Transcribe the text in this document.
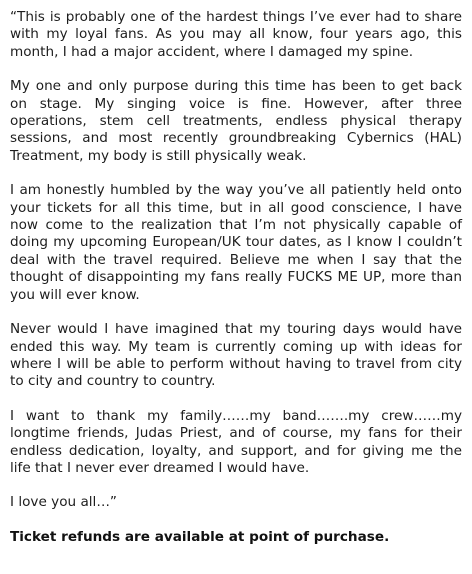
“This is probably one of the hardest things I’ve ever had to share with my loyal fans. As you may all know, four years ago, this month, I had a major accident, where I damaged my spine.

My one and only purpose during this time has been to get back on stage. My singing voice is fine. However, after three operations, stem cell treatments, endless physical therapy sessions, and most recently groundbreaking Cybernics (HAL) Treatment, my body is still physically weak.

I am honestly humbled by the way you’ve all patiently held onto your tickets for all this time, but in all good conscience, I have now come to the realization that I’m not physically capable of doing my upcoming European/UK tour dates, as I know I couldn’t deal with the travel required. Believe me when I say that the thought of disappointing my fans really FUCKS ME UP, more than you will ever know.

Never would I have imagined that my touring days would have ended this way. My team is currently coming up with ideas for where I will be able to perform without having to travel from city to city and country to country.

I want to thank my family……my band…….my crew……my longtime friends, Judas Priest, and of course, my fans for their endless dedication, loyalty, and support, and for giving me the life that I never ever dreamed I would have.

I love you all…”

Ticket refunds are available at point of purchase.
